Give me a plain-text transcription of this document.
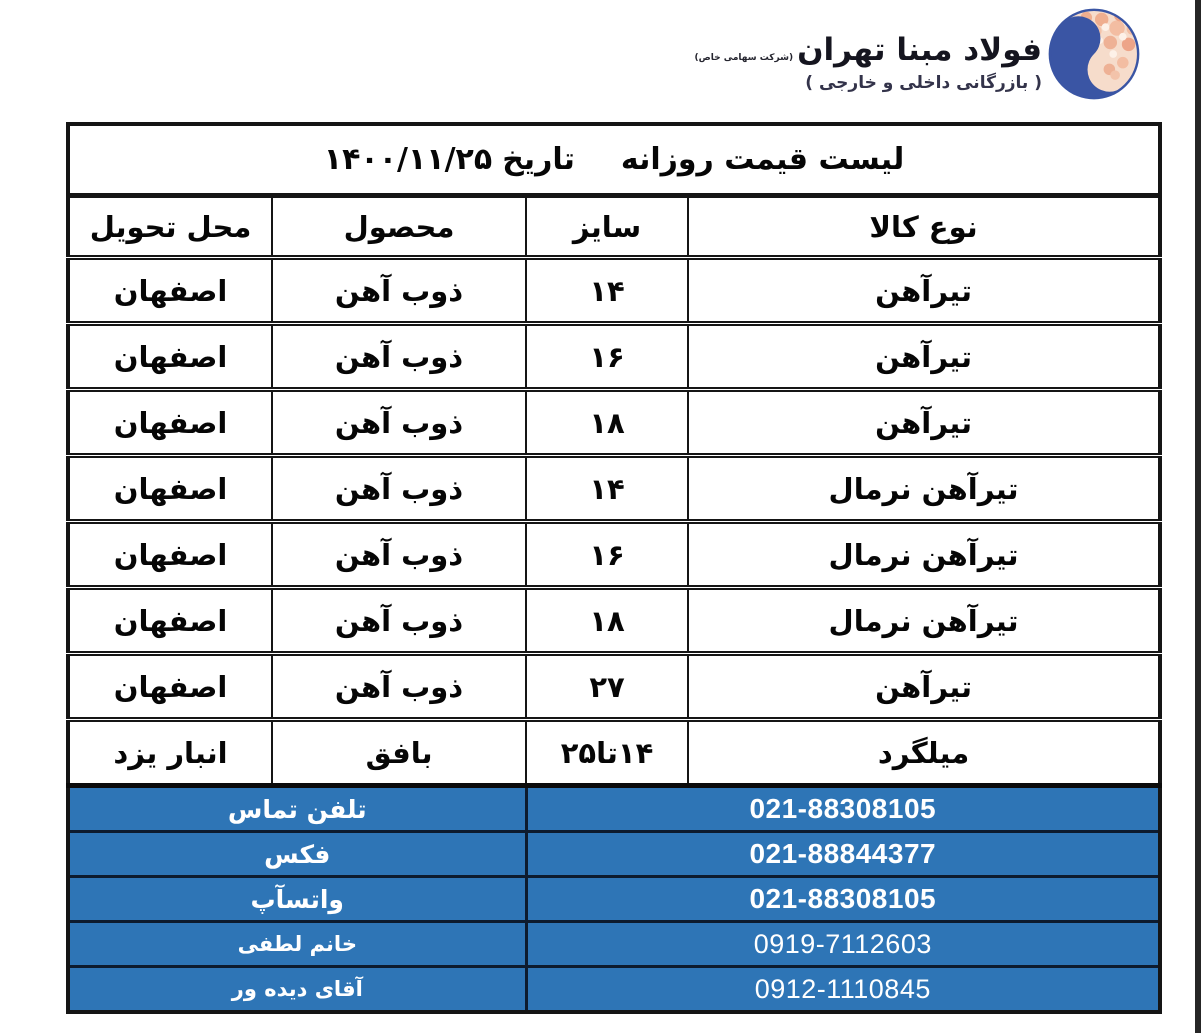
فولاد مبنا تهران
(شرکت سهامی خاص)
( بازرگانی داخلی و خارجی )
لیست قیمت روزانه
تاریخ
۱۴۰۰/۱۱/۲۵			

نوع کالا	سایز	محصول	محل تحویل
تیرآهن	۱۴	ذوب آهن	اصفهان
تیرآهن	۱۶	ذوب آهن	اصفهان
تیرآهن	۱۸	ذوب آهن	اصفهان
تیرآهن نرمال	۱۴	ذوب آهن	اصفهان
تیرآهن نرمال	۱۶	ذوب آهن	اصفهان
تیرآهن نرمال	۱۸	ذوب آهن	اصفهان
تیرآهن	۲۷	ذوب آهن	اصفهان
میلگرد	۱۴تا۲۵	بافق	انبار یزد
021-88308105		تلفن تماس	
021-88844377		فکس	
021-88308105		واتسآپ	
0919-7112603		خانم لطفی	
0912-1110845		آقای دیده ور	
